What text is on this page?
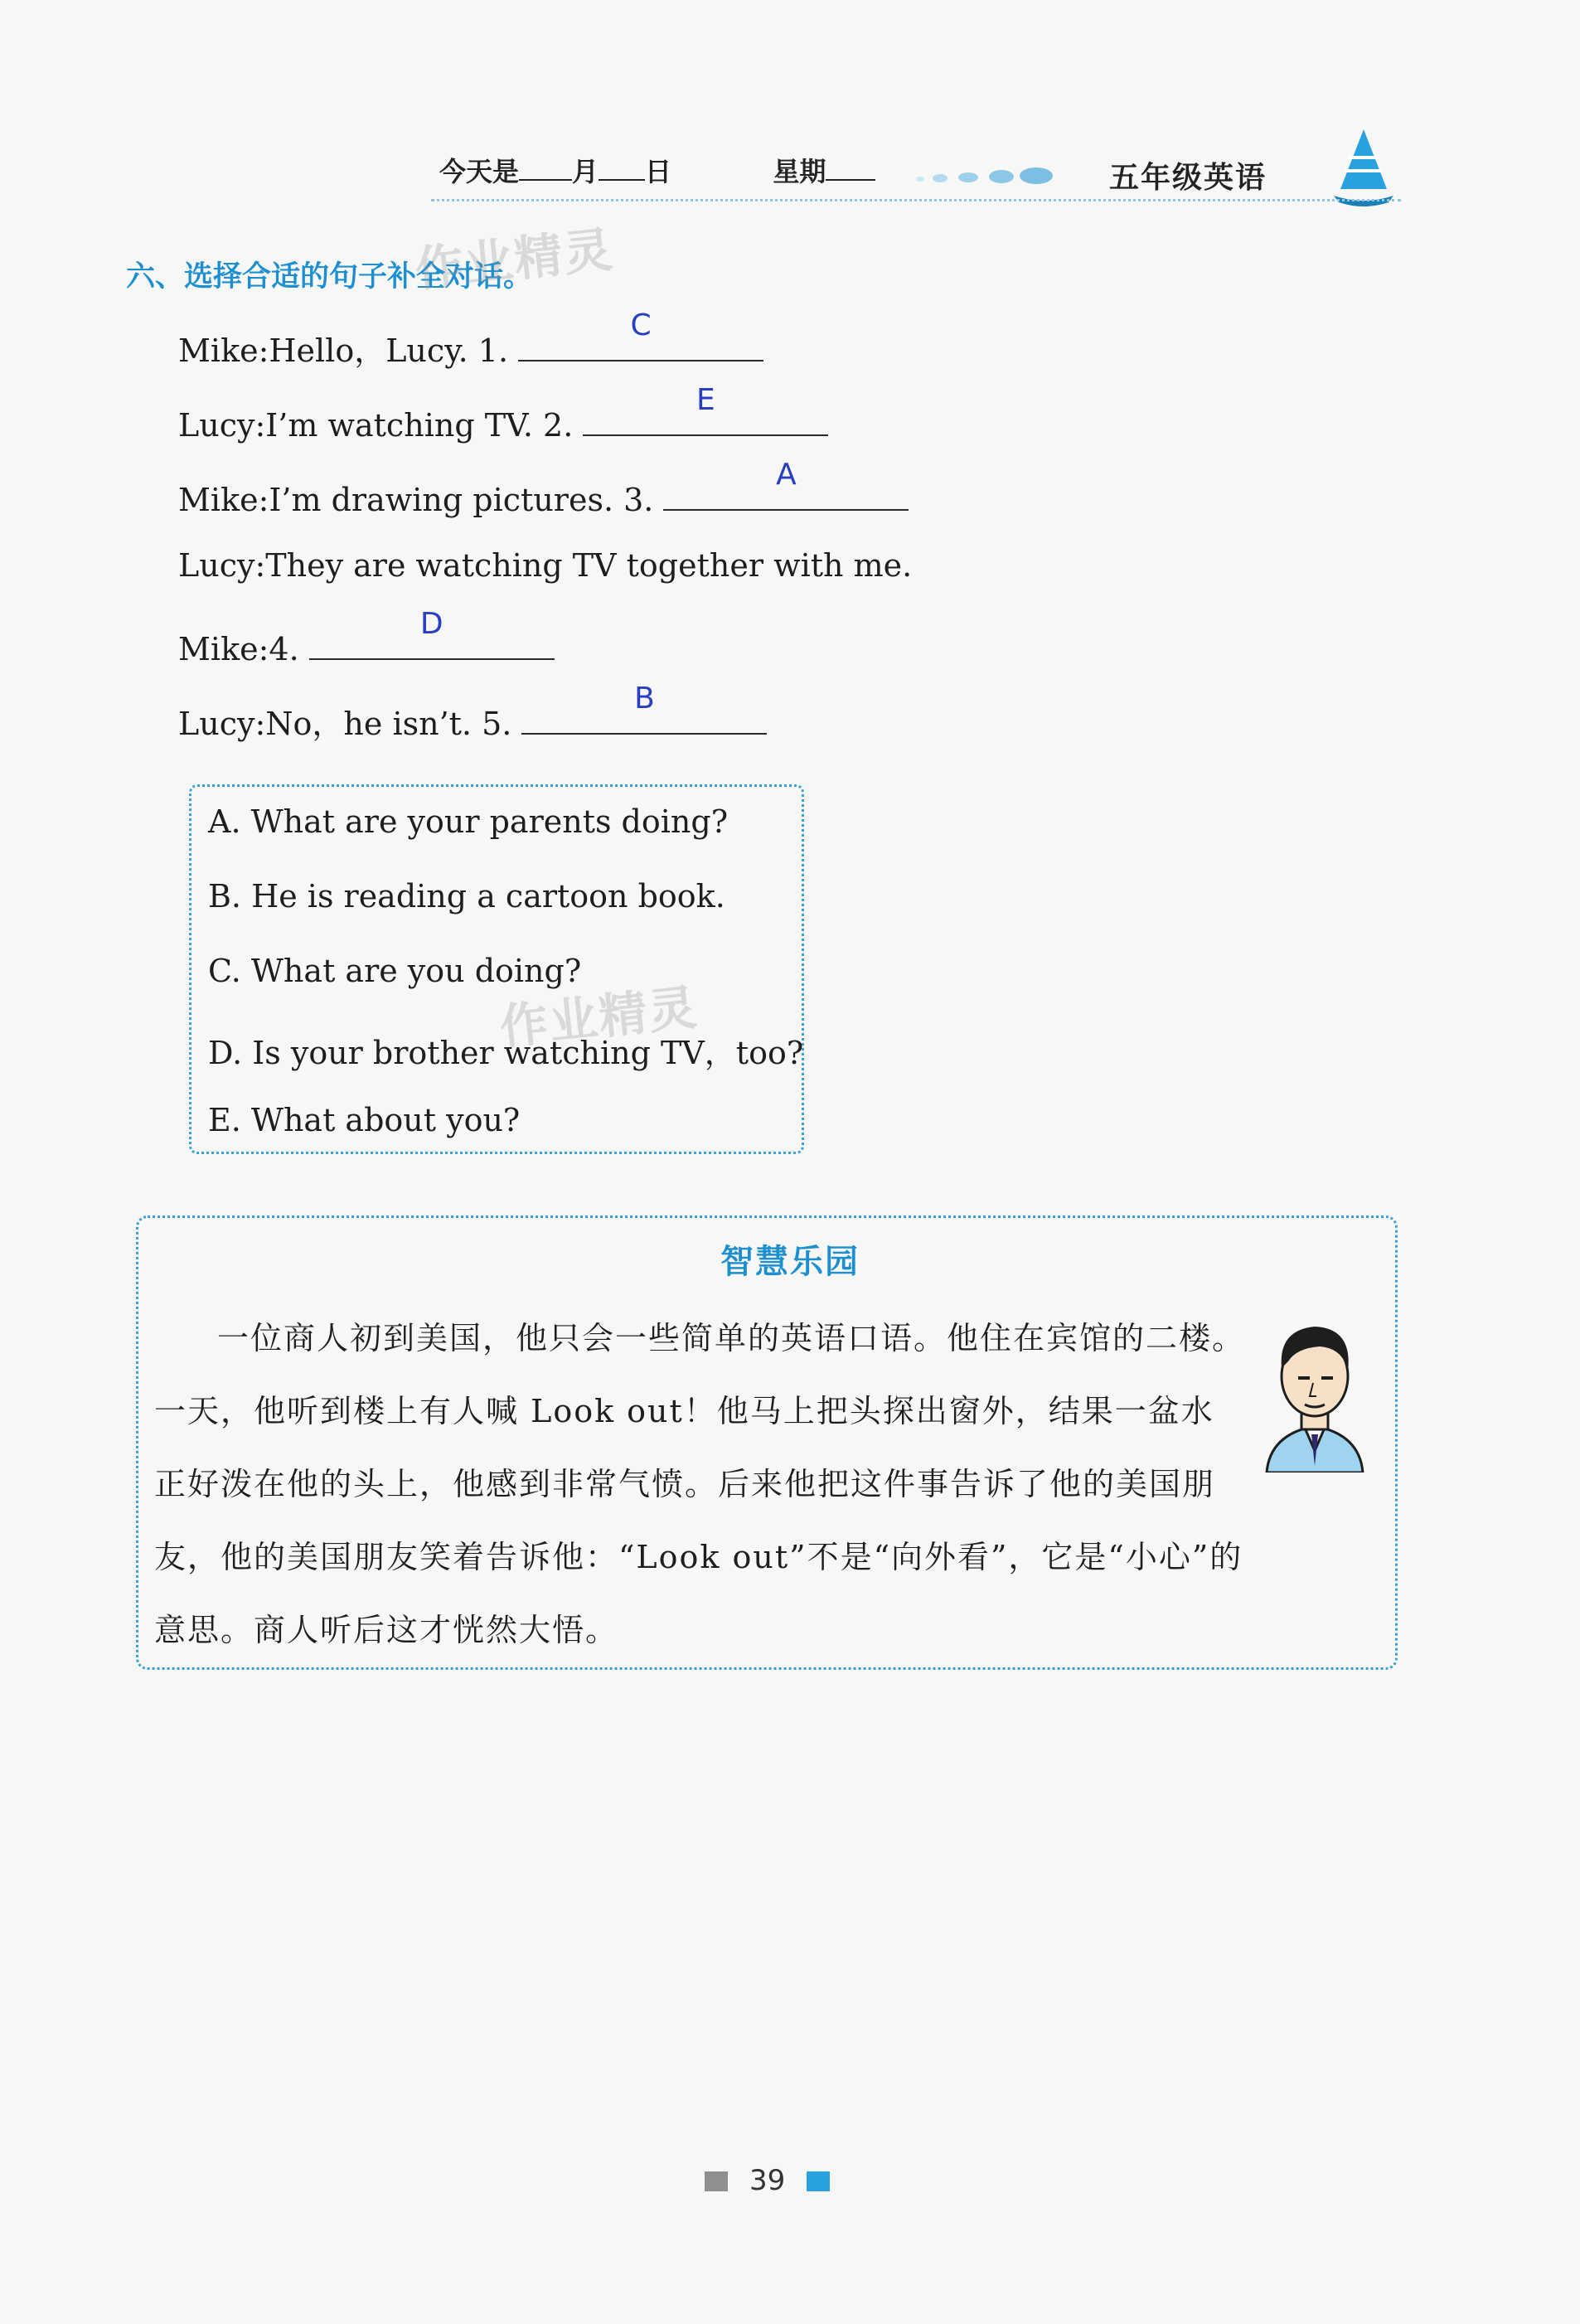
今天是 月 日	星期	五年级英语
六、选择合适的句子补全对话。
作业精灵
作业精灵
Mike:Hello，Lucy. 1.
C
Lucy:I’m watching TV. 2.
E
Mike:I’m drawing pictures. 3.
A
Lucy:They are watching TV together with me.
Mike:4.
D
Lucy:No，he isn’t. 5.
B
A. What are your parents doing?
B. He is reading a cartoon book.
C. What are you doing?
D. Is your brother watching TV，too?
E. What about you?
智慧乐园
一位商人初到美国，他只会一些简单的英语口语。他住在宾馆的二楼。一天，他听到楼上有人喊 Look out！他马上把头探出窗外，结果一盆水正好泼在他的头上，他感到非常气愤。后来他把这件事告诉了他的美国朋友，他的美国朋友笑着告诉他：“Look out”不是“向外看”，它是“小心”的意思。商人听后这才恍然大悟。
39
